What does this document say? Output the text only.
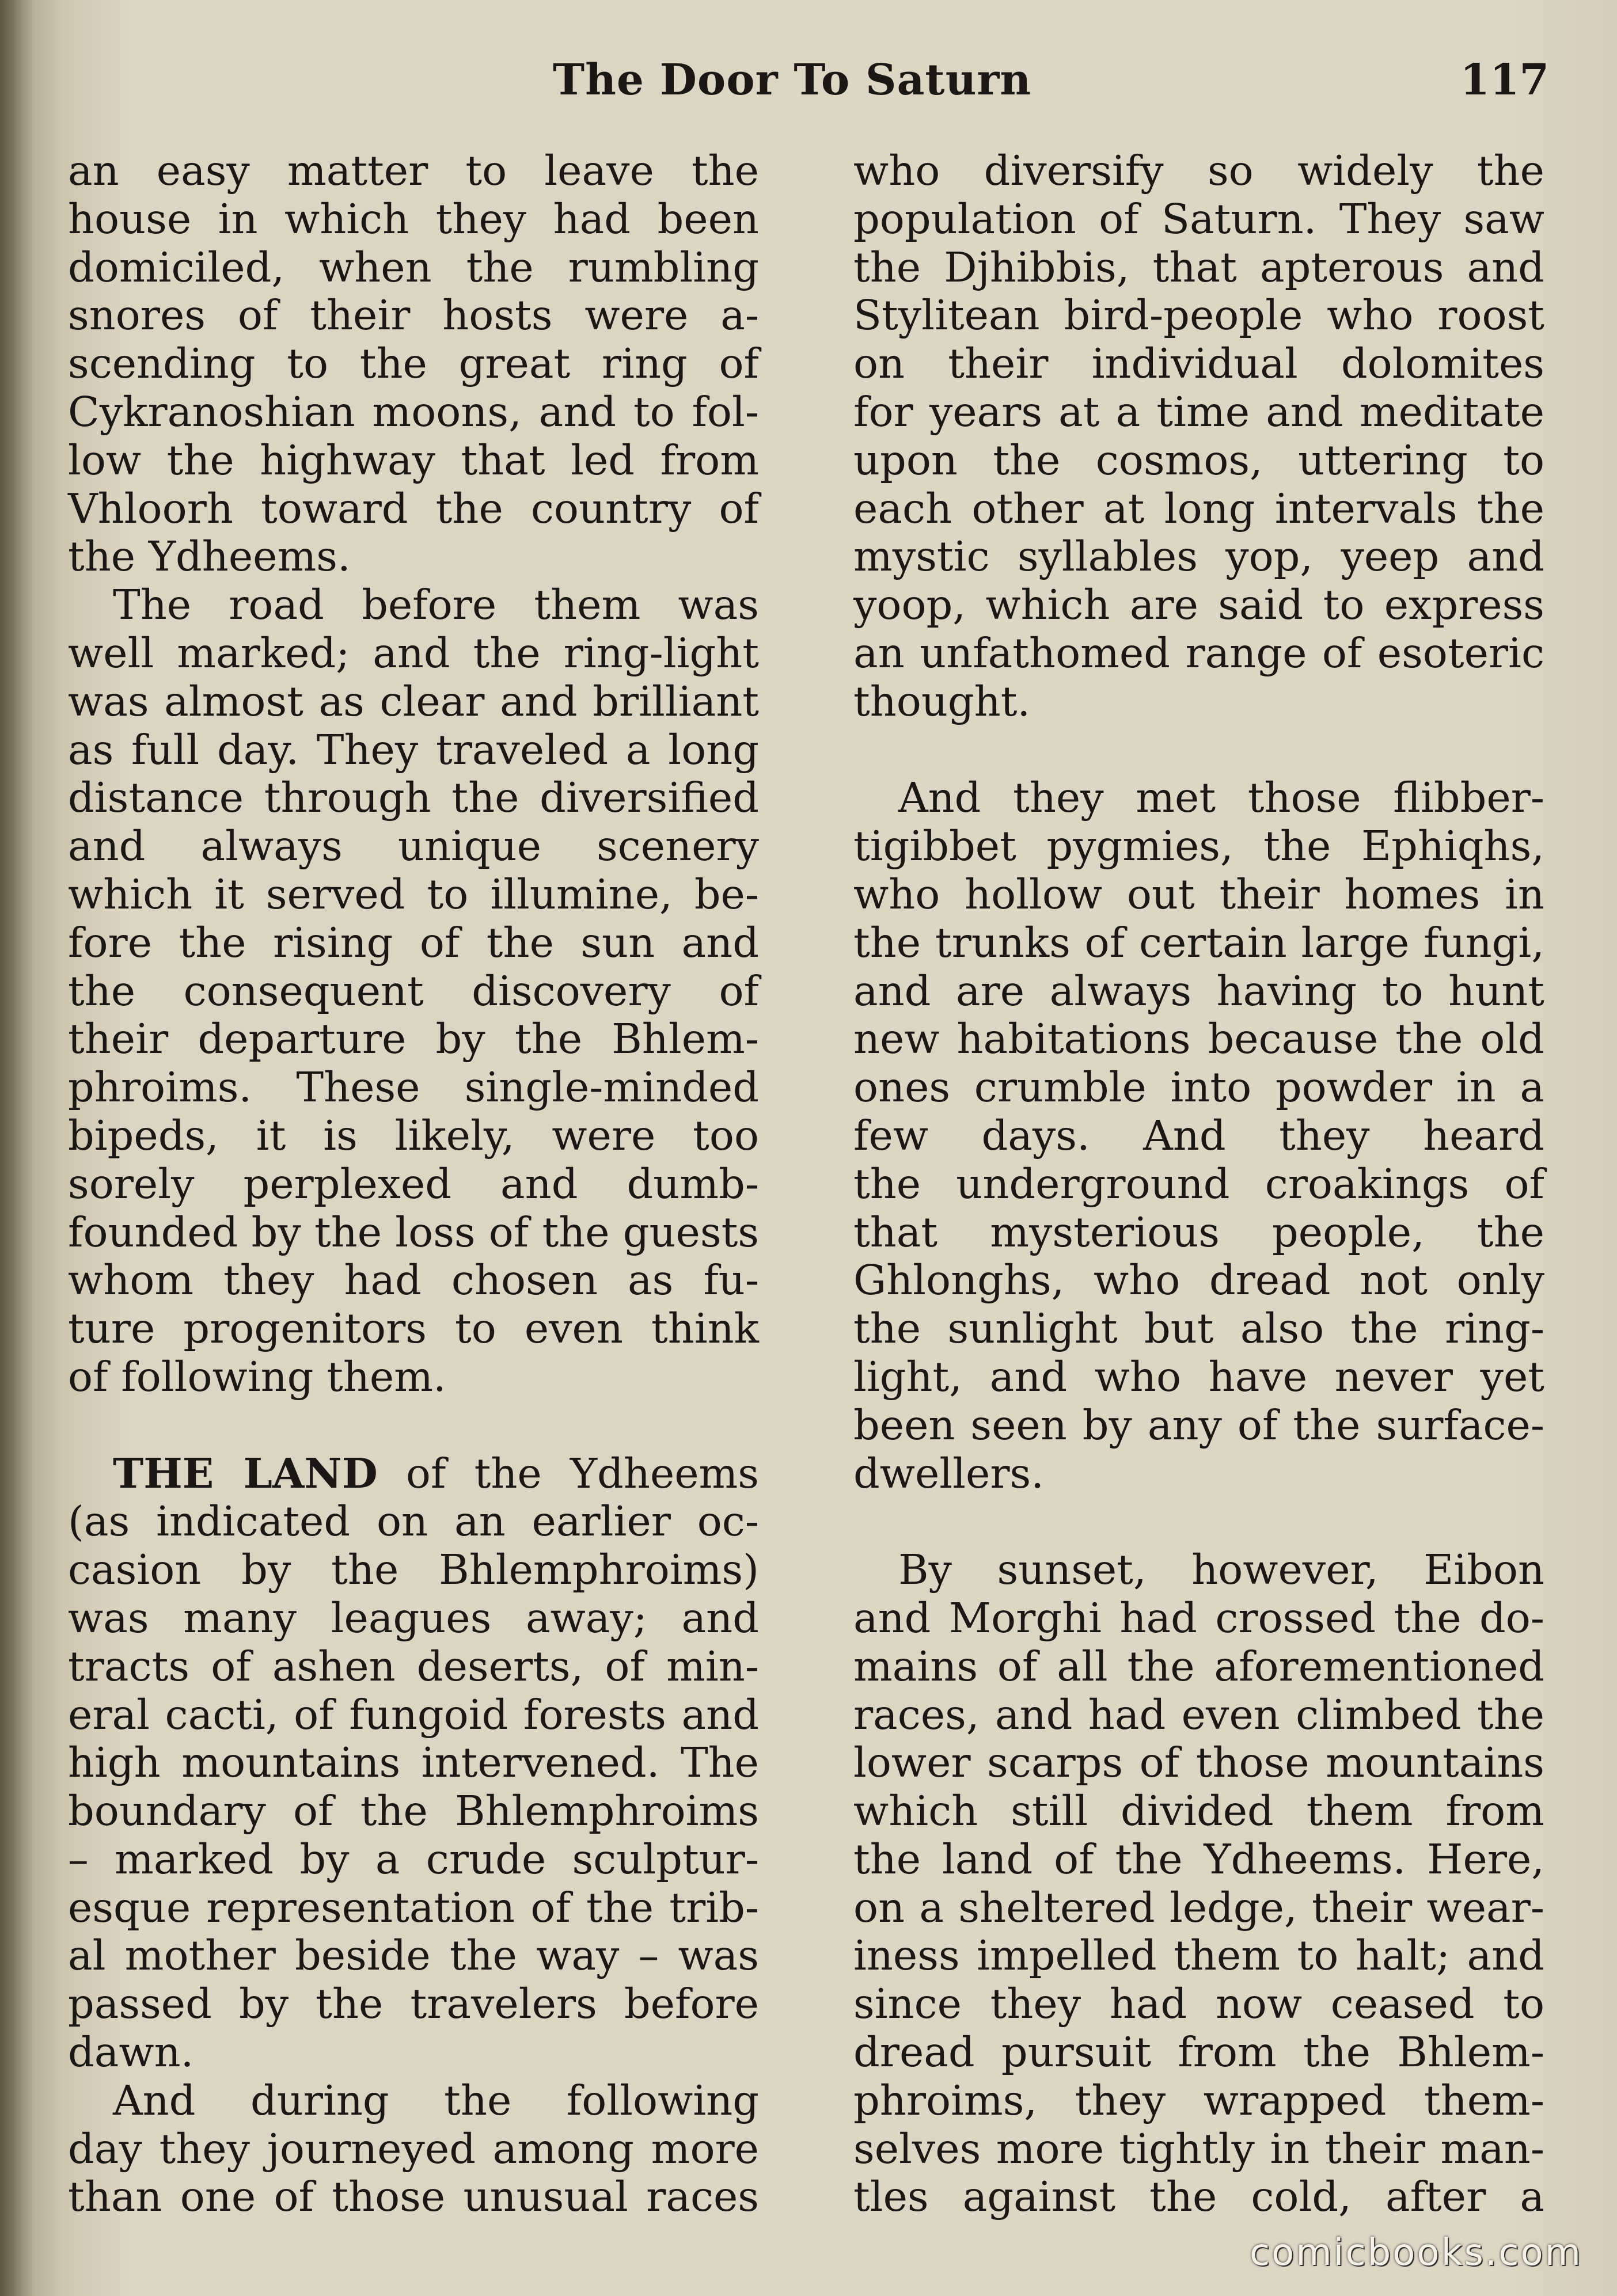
The Door To Saturn	117
an easy matter to leave the
house in which they had been
domiciled, when the rumbling
snores of their hosts were a-
scending to the great ring of
Cykranoshian moons, and to fol-
low the highway that led from
Vhloorh toward the country of
the Ydheems.
The road before them was
well marked; and the ring-light
was almost as clear and brilliant
as full day. They traveled a long
distance through the diversified
and always unique scenery
which it served to illumine, be-
fore the rising of the sun and
the consequent discovery of
their departure by the Bhlem-
phroims. These single-minded
bipeds, it is likely, were too
sorely perplexed and dumb-
founded by the loss of the guests
whom they had chosen as fu-
ture progenitors to even think
of following them.
THE LAND of the Ydheems
(as indicated on an earlier oc-
casion by the Bhlemphroims)
was many leagues away; and
tracts of ashen deserts, of min-
eral cacti, of fungoid forests and
high mountains intervened. The
boundary of the Bhlemphroims
– marked by a crude sculptur-
esque representation of the trib-
al mother beside the way – was
passed by the travelers before
dawn.
And during the following
day they journeyed among more
than one of those unusual races
who diversify so widely the
population of Saturn. They saw
the Djhibbis, that apterous and
Stylitean bird-people who roost
on their individual dolomites
for years at a time and meditate
upon the cosmos, uttering to
each other at long intervals the
mystic syllables yop, yeep and
yoop, which are said to express
an unfathomed range of esoteric
thought.
And they met those flibber-
tigibbet pygmies, the Ephiqhs,
who hollow out their homes in
the trunks of certain large fungi,
and are always having to hunt
new habitations because the old
ones crumble into powder in a
few days. And they heard
the underground croakings of
that mysterious people, the
Ghlonghs, who dread not only
the sunlight but also the ring-
light, and who have never yet
been seen by any of the surface-
dwellers.
By sunset, however, Eibon
and Morghi had crossed the do-
mains of all the aforementioned
races, and had even climbed the
lower scarps of those mountains
which still divided them from
the land of the Ydheems. Here,
on a sheltered ledge, their wear-
iness impelled them to halt; and
since they had now ceased to
dread pursuit from the Bhlem-
phroims, they wrapped them-
selves more tightly in their man-
tles against the cold, after a
comicbooks.com
